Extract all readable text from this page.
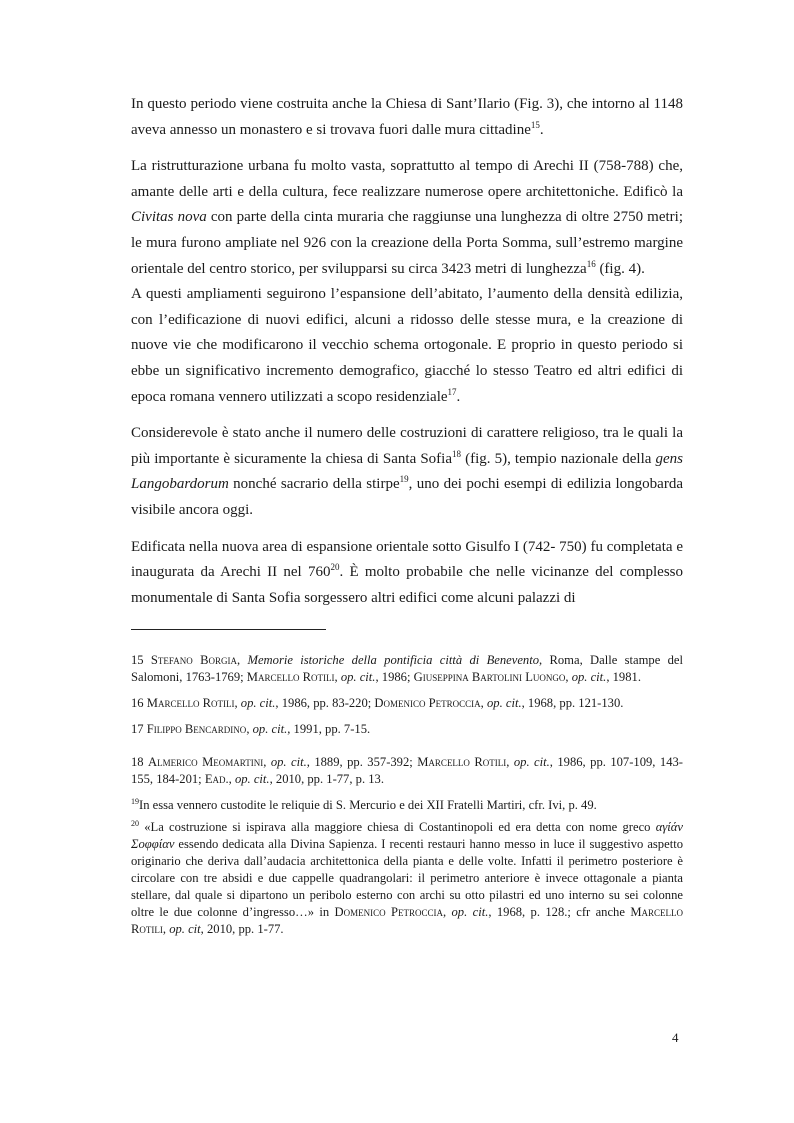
In questo periodo viene costruita anche la Chiesa di Sant’Ilario (Fig. 3), che intorno al 1148 aveva annesso un monastero e si trovava fuori dalle mura cittadine$^{15}$.

La ristrutturazione urbana fu molto vasta, soprattutto al tempo di Arechi II (758-788) che, amante delle arti e della cultura, fece realizzare numerose opere architettoniche. Edificò la Civitas nova con parte della cinta muraria che raggiunse una lunghezza di oltre 2750 metri; le mura furono ampliate nel 926 con la creazione della Porta Somma, sull’estremo margine orientale del centro storico, per svilupparsi su circa 3423 metri di lunghezza$^{16}$ (fig. 4).

A questi ampliamenti seguirono l’espansione dell’abitato, l’aumento della densità edilizia, con l’edificazione di nuovi edifici, alcuni a ridosso delle stesse mura, e la creazione di nuove vie che modificarono il vecchio schema ortogonale. E proprio in questo periodo si ebbe un significativo incremento demografico, giacché lo stesso Teatro ed altri edifici di epoca romana vennero utilizzati a scopo residenziale$^{17}$.

Considerevole è stato anche il numero delle costruzioni di carattere religioso, tra le quali la più importante è sicuramente la chiesa di Santa Sofia$^{18}$ (fig. 5), tempio nazionale della gens Langobardorum nonché sacrario della stirpe$^{19}$, uno dei pochi esempi di edilizia longobarda visibile ancora oggi.

Edificata nella nuova area di espansione orientale sotto Gisulfo I (742- 750) fu completata e inaugurata da Arechi II nel $760^{20}$. È molto probabile che nelle vicinanze del complesso monumentale di Santa Sofia sorgessero altri edifici come alcuni palazzi di

15 Stefano Borgia, Memorie istoriche della pontificia città di Benevento, Roma, Dalle stampe del Salomoni, 1763-1769; Marcello Rotili, op. cit., 1986; Giuseppina Bartolini Luongo, op. cit., 1981.

16 Marcello Rotili, op. cit., 1986, pp. 83-220; Domenico Petroccia, op. cit., 1968, pp. 121-130.

17 Filippo Bencardino, op. cit., 1991, pp. 7-15.

18 Almerico Meomartini, op. cit., 1889, pp. 357-392; Marcello Rotili, op. cit., 1986, pp. 107-109, 143-155, 184-201; Ead., op. cit., 2010, pp. 1-77, p. 13.

$^{19}$In essa vennero custodite le reliquie di S. Mercurio e dei XII Fratelli Martiri, cfr. Ivi, p. 49.

$^{20}$ «La costruzione si ispirava alla maggiore chiesa di Costantinopoli ed era detta con nome greco αγίάν Σοφφίαν essendo dedicata alla Divina Sapienza. I recenti restauri hanno messo in luce il suggestivo aspetto originario che deriva dall’audacia architettonica della pianta e delle volte. Infatti il perimetro posteriore è circolare con tre absidi e due cappelle quadrangolari: il perimetro anteriore è invece ottagonale a pianta stellare, dal quale si dipartono un peribolo esterno con archi su otto pilastri ed uno interno su sei colonne oltre le due colonne d’ingresso…» in Domenico Petroccia, op. cit., 1968, p. 128.; cfr anche Marcello Rotili, op. cit, 2010, pp. 1-77.

4
